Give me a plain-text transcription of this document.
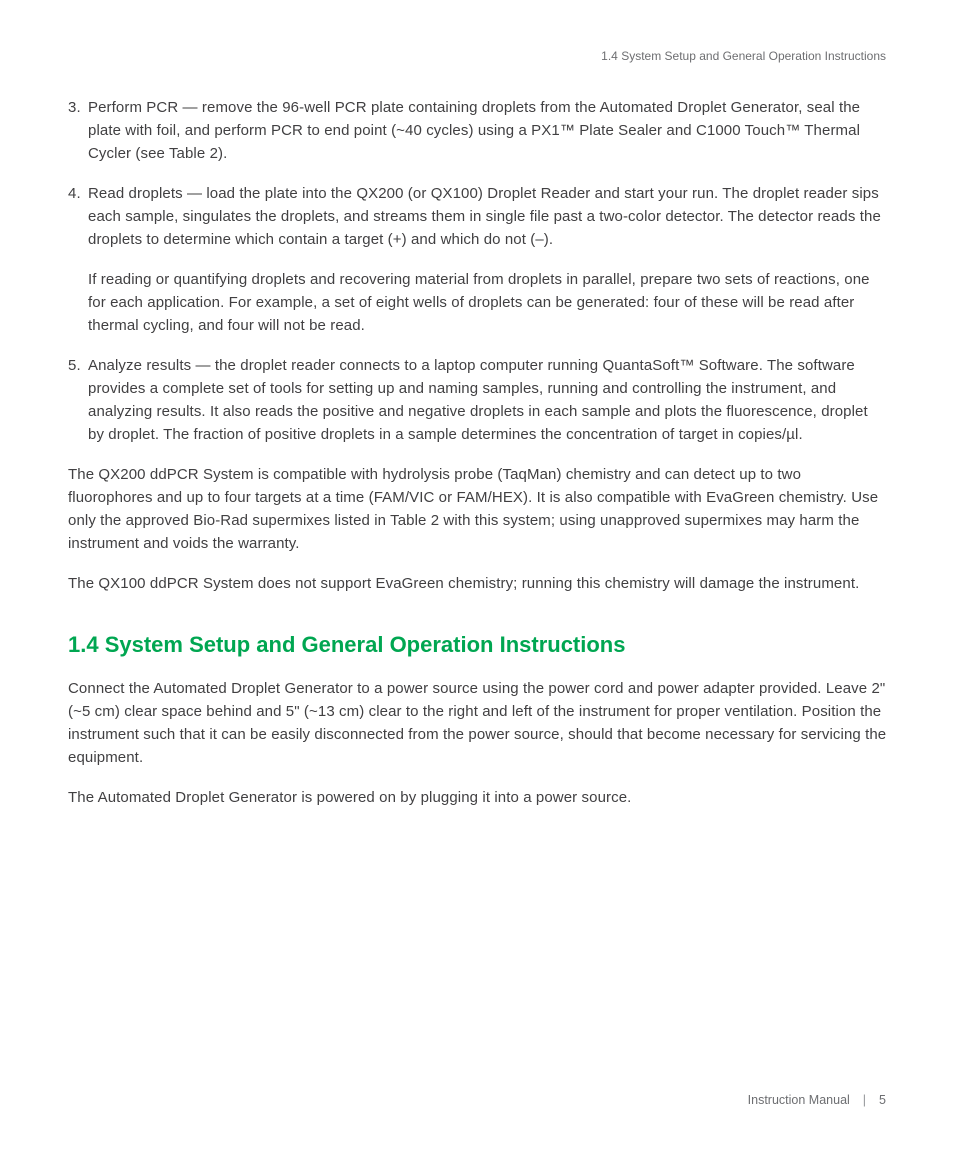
1.4 System Setup and General Operation Instructions
3. Perform PCR — remove the 96-well PCR plate containing droplets from the Automated Droplet Generator, seal the plate with foil, and perform PCR to end point (~40 cycles) using a PX1™ Plate Sealer and C1000 Touch™ Thermal Cycler (see Table 2).

4. Read droplets — load the plate into the QX200 (or QX100) Droplet Reader and start your run. The droplet reader sips each sample, singulates the droplets, and streams them in single file past a two-color detector. The detector reads the droplets to determine which contain a target (+) and which do not (–).

If reading or quantifying droplets and recovering material from droplets in parallel, prepare two sets of reactions, one for each application. For example, a set of eight wells of droplets can be generated: four of these will be read after thermal cycling, and four will not be read.

5. Analyze results — the droplet reader connects to a laptop computer running QuantaSoft™ Software. The software provides a complete set of tools for setting up and naming samples, running and controlling the instrument, and analyzing results. It also reads the positive and negative droplets in each sample and plots the fluorescence, droplet by droplet. The fraction of positive droplets in a sample determines the concentration of target in copies/µl.

The QX200 ddPCR System is compatible with hydrolysis probe (TaqMan) chemistry and can detect up to two fluorophores and up to four targets at a time (FAM/VIC or FAM/HEX). It is also compatible with EvaGreen chemistry. Use only the approved Bio-Rad supermixes listed in Table 2 with this system; using unapproved supermixes may harm the instrument and voids the warranty.

The QX100 ddPCR System does not support EvaGreen chemistry; running this chemistry will damage the instrument.

1.4 System Setup and General Operation Instructions

Connect the Automated Droplet Generator to a power source using the power cord and power adapter provided. Leave 2" (~5 cm) clear space behind and 5" (~13 cm) clear to the right and left of the instrument for proper ventilation. Position the instrument such that it can be easily disconnected from the power source, should that become necessary for servicing the equipment.

The Automated Droplet Generator is powered on by plugging it into a power source.

Instruction Manual | 5
